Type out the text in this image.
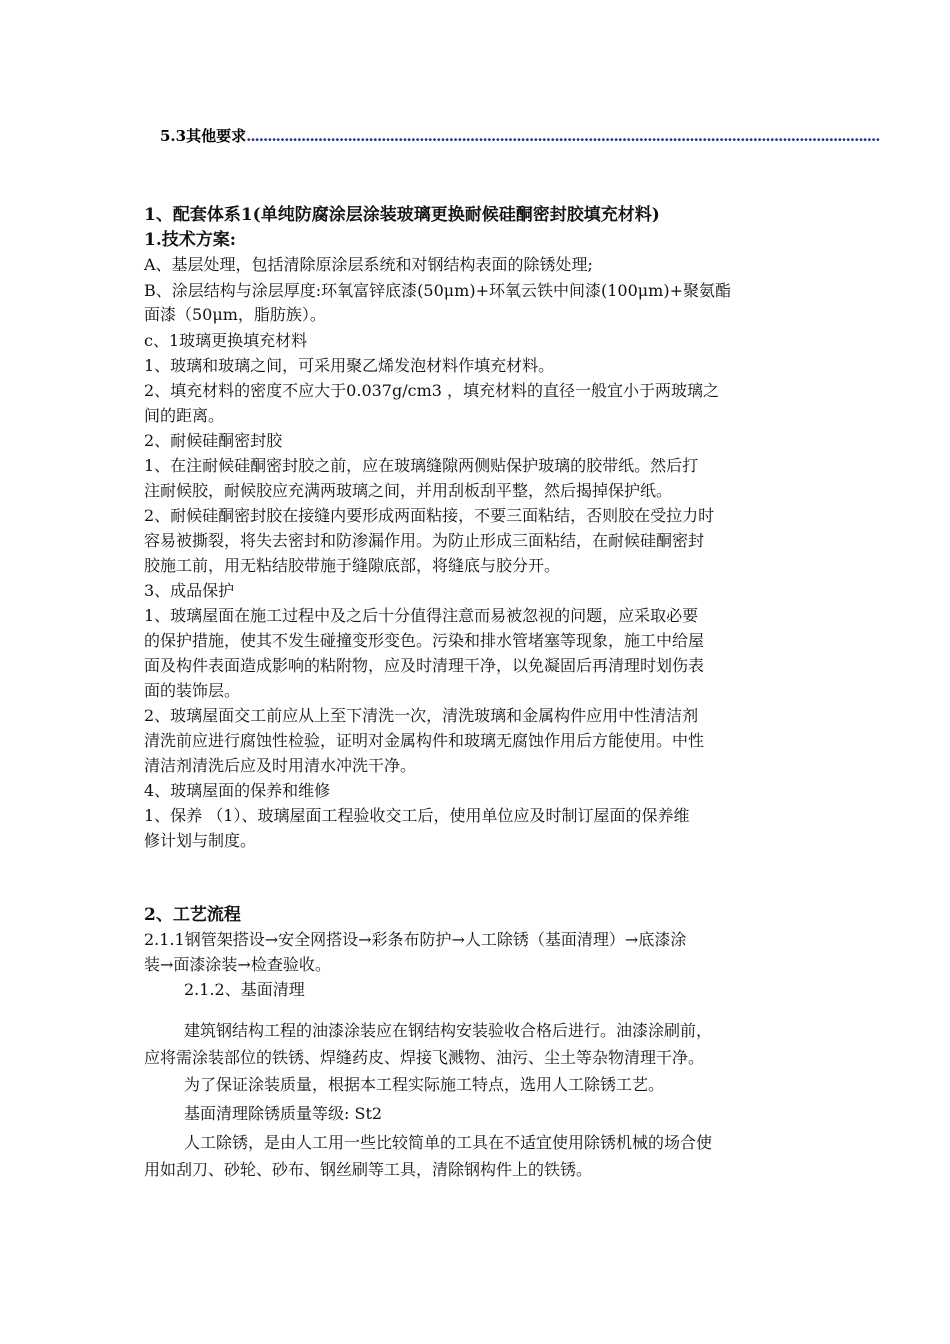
5.3其他要求......................................................................................................................................................
1、配套体系1(单纯防腐涂层涂装玻璃更换耐候硅酮密封胶填充材料)
1.技术方案:
A、基层处理，包括清除原涂层系统和对钢结构表面的除锈处理;
B、涂层结构与涂层厚度:环氧富锌底漆(50μm)+环氧云铁中间漆(100μm)+聚氨酯
面漆（50μm，脂肪族）。
c、1玻璃更换填充材料
1、玻璃和玻璃之间，可采用聚乙烯发泡材料作填充材料。
2、填充材料的密度不应大于0.037g/cm3 ，填充材料的直径一般宜小于两玻璃之
间的距离。
2、耐候硅酮密封胶
1、在注耐候硅酮密封胶之前，应在玻璃缝隙两侧贴保护玻璃的胶带纸。然后打
注耐候胶，耐候胶应充满两玻璃之间，并用刮板刮平整，然后揭掉保护纸。
2、耐候硅酮密封胶在接缝内要形成两面粘接，不要三面粘结，否则胶在受拉力时
容易被撕裂，将失去密封和防渗漏作用。为防止形成三面粘结，在耐候硅酮密封
胶施工前，用无粘结胶带施于缝隙底部，将缝底与胶分开。
3、成品保护
1、玻璃屋面在施工过程中及之后十分值得注意而易被忽视的问题，应采取必要
的保护措施，使其不发生碰撞变形变色。污染和排水管堵塞等现象，施工中给屋
面及构件表面造成影响的粘附物，应及时清理干净，以免凝固后再清理时划伤表
面的装饰层。
2、玻璃屋面交工前应从上至下清洗一次，清洗玻璃和金属构件应用中性清洁剂
清洗前应进行腐蚀性检验，证明对金属构件和玻璃无腐蚀作用后方能使用。中性
清洁剂清洗后应及时用清水冲洗干净。
4、玻璃屋面的保养和维修
1、保养 （1）、玻璃屋面工程验收交工后，使用单位应及时制订屋面的保养维
修计划与制度。
2、工艺流程
2.1.1钢管架搭设→安全网搭设→彩条布防护→人工除锈（基面清理）→底漆涂
装→面漆涂装→检查验收。
2.1.2、基面清理
建筑钢结构工程的油漆涂装应在钢结构安装验收合格后进行。油漆涂刷前，
应将需涂装部位的铁锈、焊缝药皮、焊接飞溅物、油污、尘土等杂物清理干净。
为了保证涂装质量，根据本工程实际施工特点，选用人工除锈工艺。
基面清理除锈质量等级: St2
人工除锈，是由人工用一些比较简单的工具在不适宜使用除锈机械的场合使
用如刮刀、砂轮、砂布、钢丝刷等工具，清除钢构件上的铁锈。
